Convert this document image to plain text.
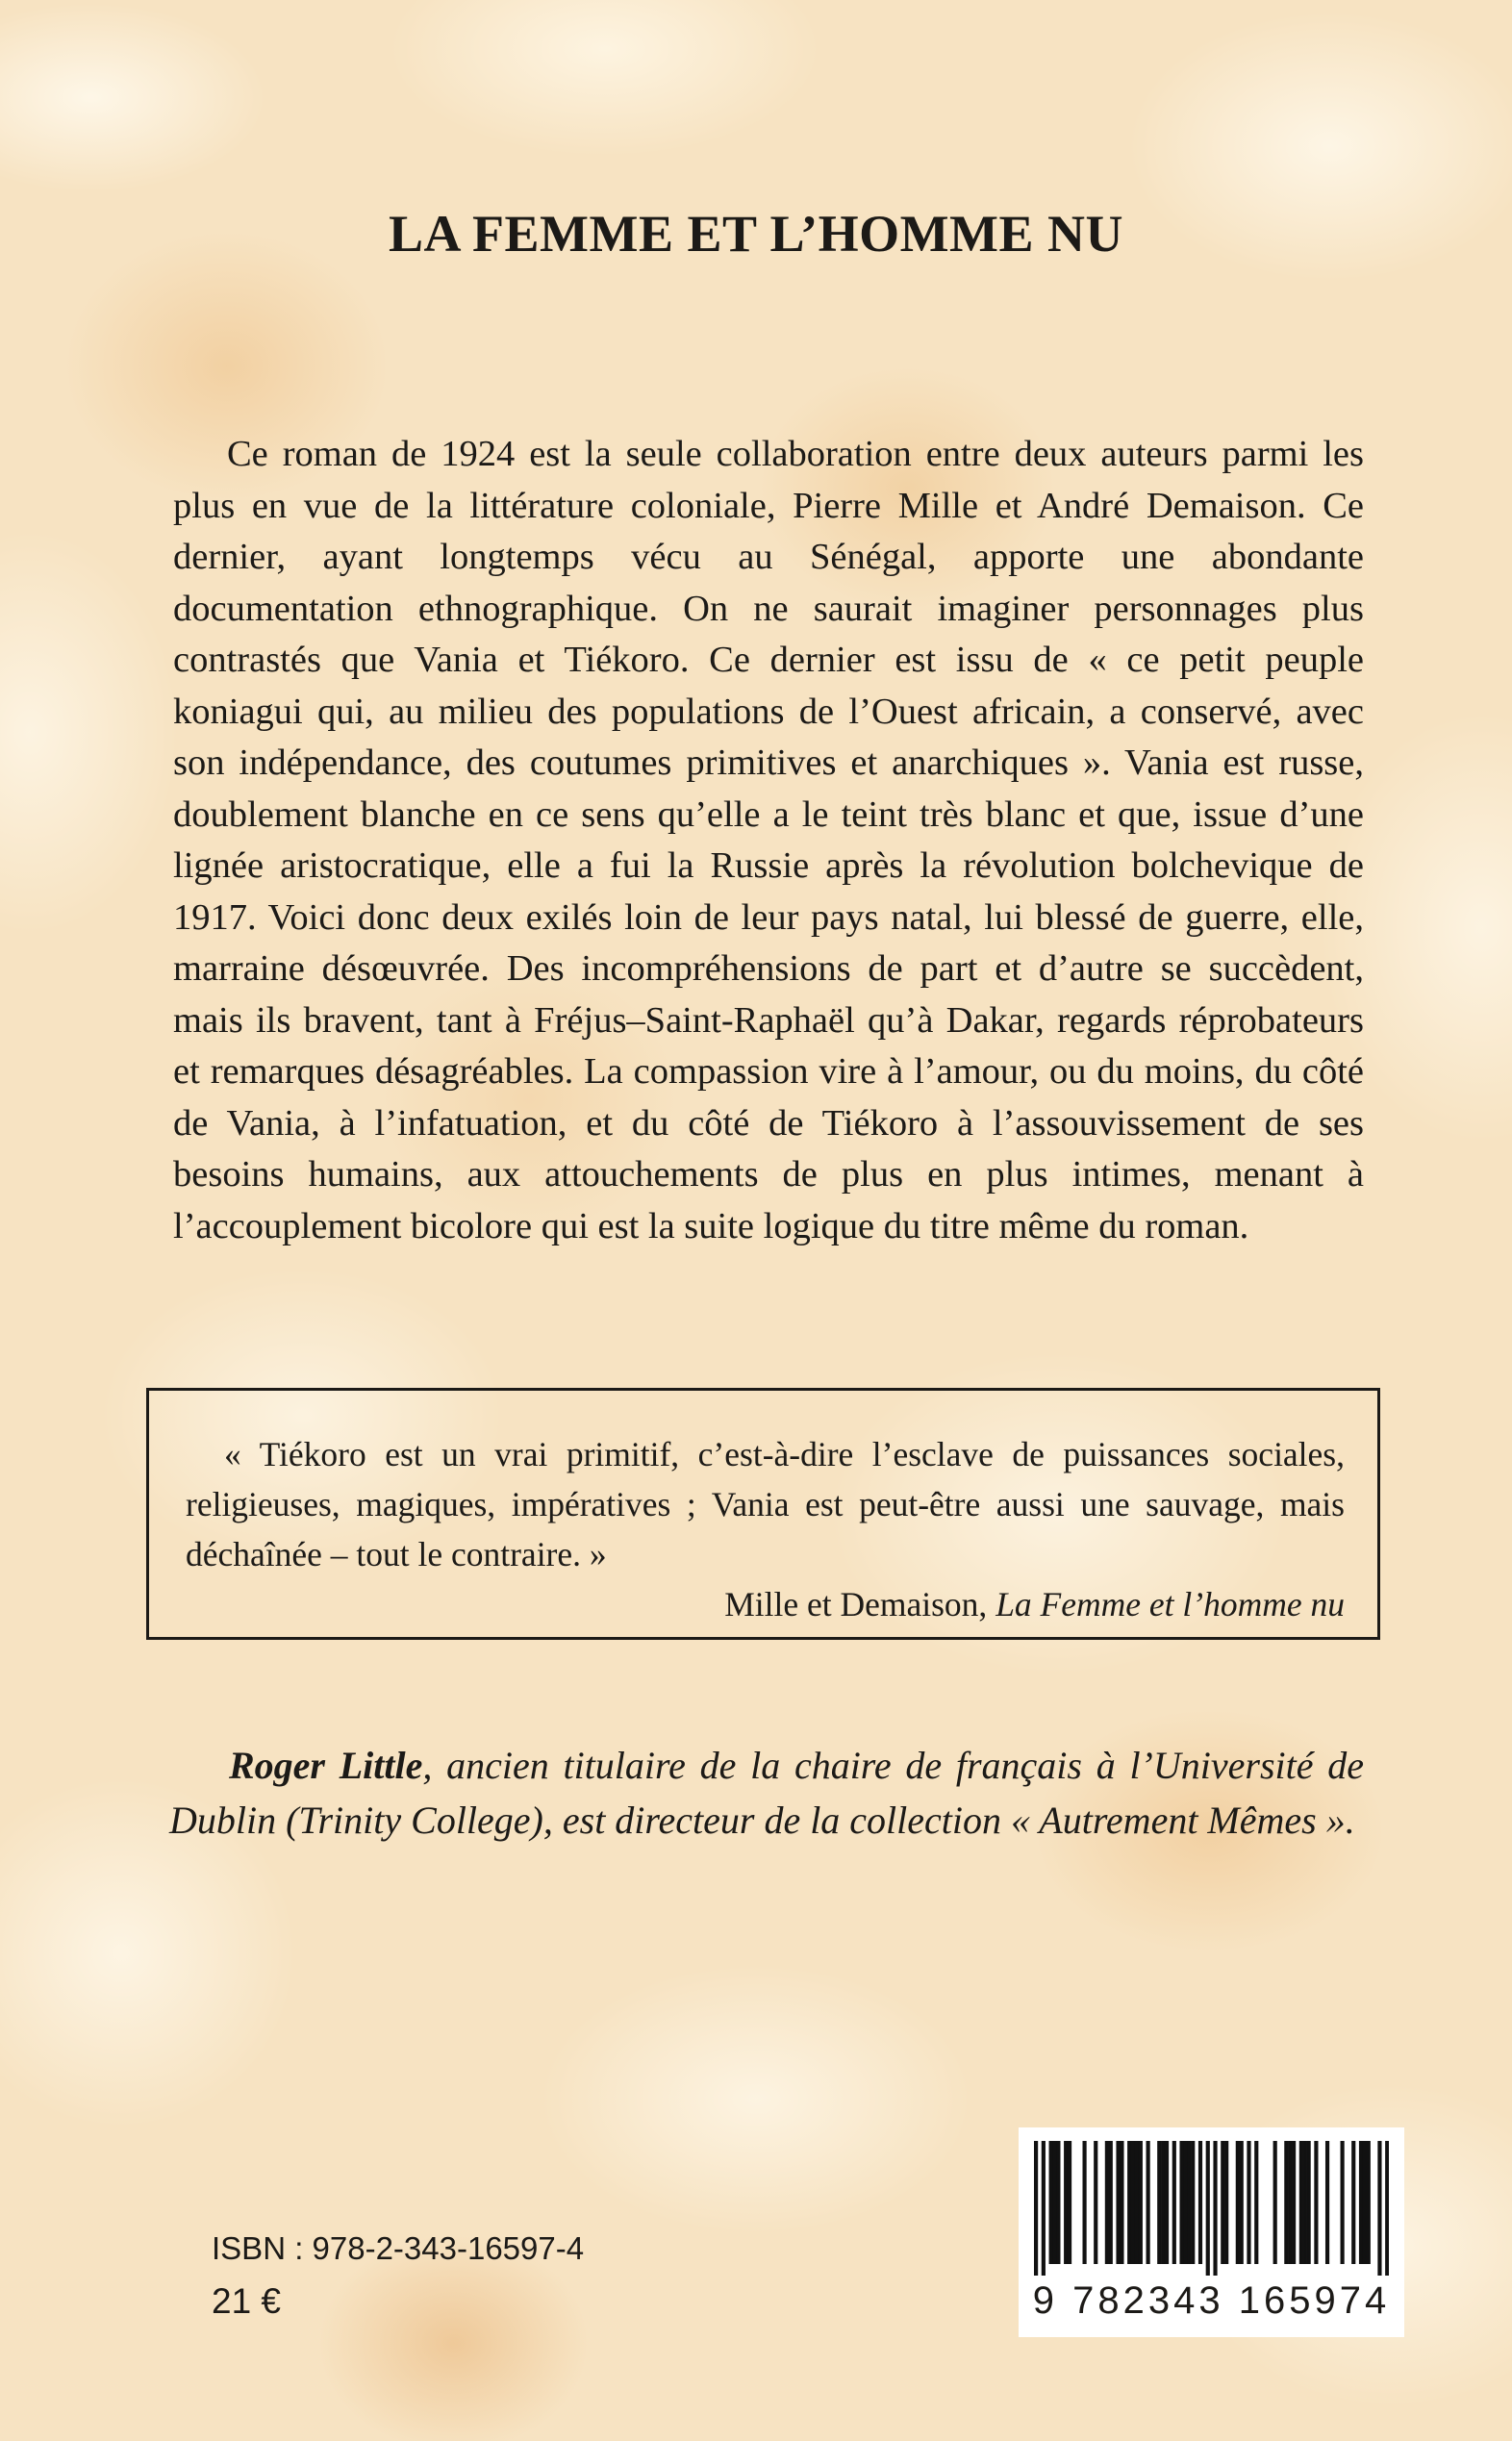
LA FEMME ET L’HOMME NU

Ce roman de 1924 est la seule collaboration entre deux auteurs parmi les plus en vue de la littérature coloniale, Pierre Mille et André Demaison. Ce dernier, ayant longtemps vécu au Sénégal, apporte une abondante documentation ethnographique. On ne saurait imaginer personnages plus contrastés que Vania et Tiékoro. Ce dernier est issu de « ce petit peuple koniagui qui, au milieu des populations de l’Ouest africain, a conservé, avec son indépendance, des coutumes primitives et anarchiques ». Vania est russe, doublement blanche en ce sens qu’elle a le teint très blanc et que, issue d’une lignée aristocratique, elle a fui la Russie après la révolution bolchevique de 1917. Voici donc deux exilés loin de leur pays natal, lui blessé de guerre, elle, marraine désœuvrée. Des incompréhensions de part et d’autre se succèdent, mais ils bravent, tant à Fréjus–Saint-Raphaël qu’à Dakar, regards réprobateurs et remarques désagréables. La compassion vire à l’amour, ou du moins, du côté de Vania, à l’infatuation, et du côté de Tiékoro à l’assouvissement de ses besoins humains, aux attouchements de plus en plus intimes, menant à l’accouplement bicolore qui est la suite logique du titre même du roman.

« Tiékoro est un vrai primitif, c’est-à-dire l’esclave de puissances sociales, religieuses, magiques, impératives ; Vania est peut-être aussi une sauvage, mais déchaînée – tout le contraire. »

Mille et Demaison, La Femme et l’homme nu

Roger Little, ancien titulaire de la chaire de français à l’Université de Dublin (Trinity College), est directeur de la collection « Autrement Mêmes ».

ISBN : 978-2-343-16597-4

21 €	9 782343 165974
